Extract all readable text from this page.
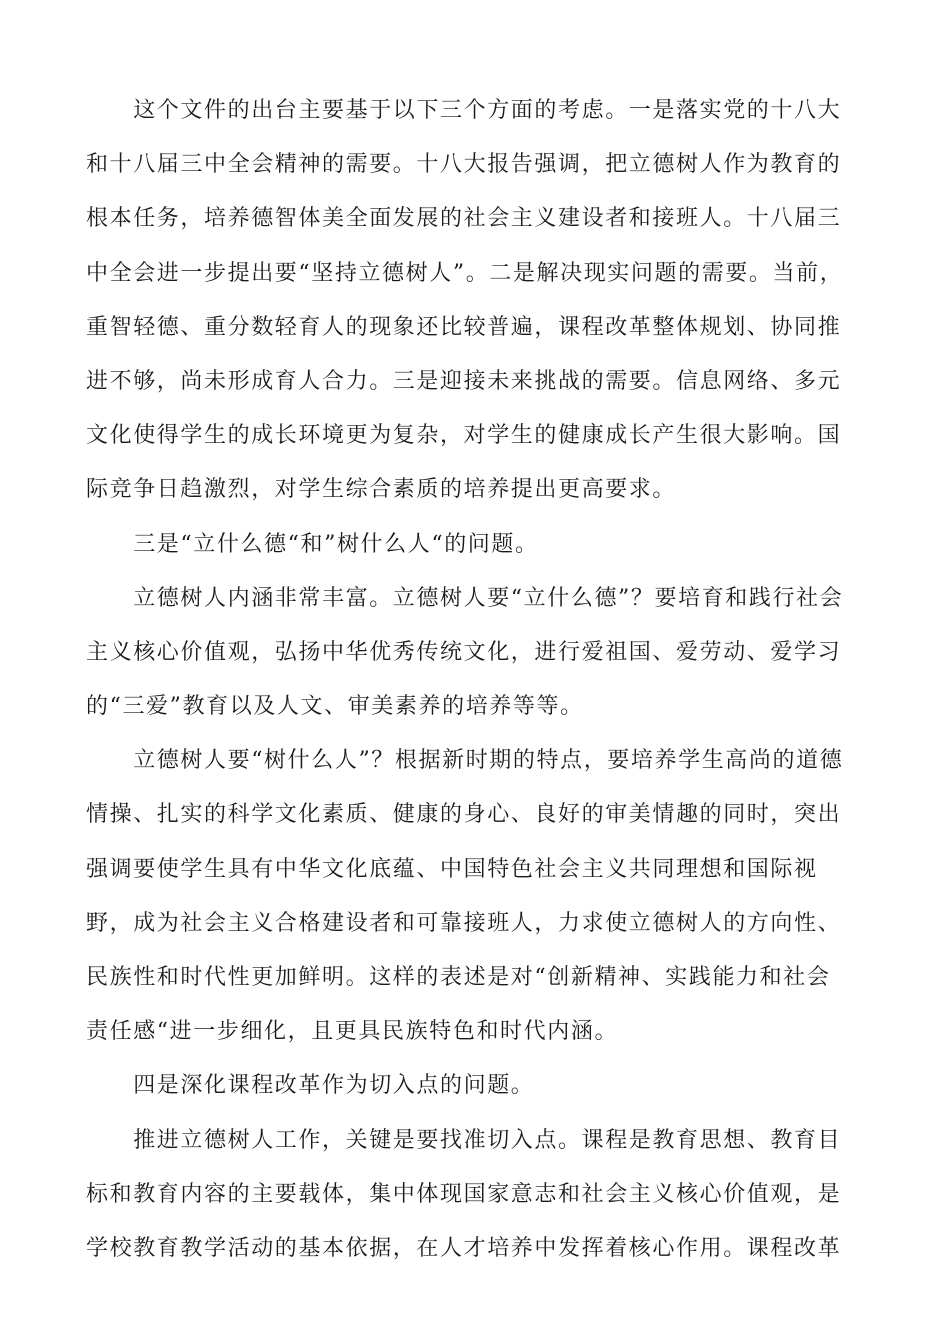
　　这个文件的出台主要基于以下三个方面的考虑。一是落实党的十八大
和十八届三中全会精神的需要。十八大报告强调，把立德树人作为教育的
根本任务，培养德智体美全面发展的社会主义建设者和接班人。十八届三
中全会进一步提出要“坚持立德树人”。二是解决现实问题的需要。当前，
重智轻德、重分数轻育人的现象还比较普遍，课程改革整体规划、协同推
进不够，尚未形成育人合力。三是迎接未来挑战的需要。信息网络、多元
文化使得学生的成长环境更为复杂，对学生的健康成长产生很大影响。国
际竞争日趋激烈，对学生综合素质的培养提出更高要求。
　　三是“立什么德“和”树什么人“的问题。
　　立德树人内涵非常丰富。立德树人要“立什么德”？要培育和践行社会
主义核心价值观，弘扬中华优秀传统文化，进行爱祖国、爱劳动、爱学习
的“三爱”教育以及人文、审美素养的培养等等。
　　立德树人要“树什么人”？根据新时期的特点，要培养学生高尚的道德
情操、扎实的科学文化素质、健康的身心、良好的审美情趣的同时，突出
强调要使学生具有中华文化底蕴、中国特色社会主义共同理想和国际视
野，成为社会主义合格建设者和可靠接班人，力求使立德树人的方向性、
民族性和时代性更加鲜明。这样的表述是对“创新精神、实践能力和社会
责任感“进一步细化，且更具民族特色和时代内涵。
　　四是深化课程改革作为切入点的问题。
　　推进立德树人工作，关键是要找准切入点。课程是教育思想、教育目
标和教育内容的主要载体，集中体现国家意志和社会主义核心价值观，是
学校教育教学活动的基本依据，在人才培养中发挥着核心作用。课程改革
